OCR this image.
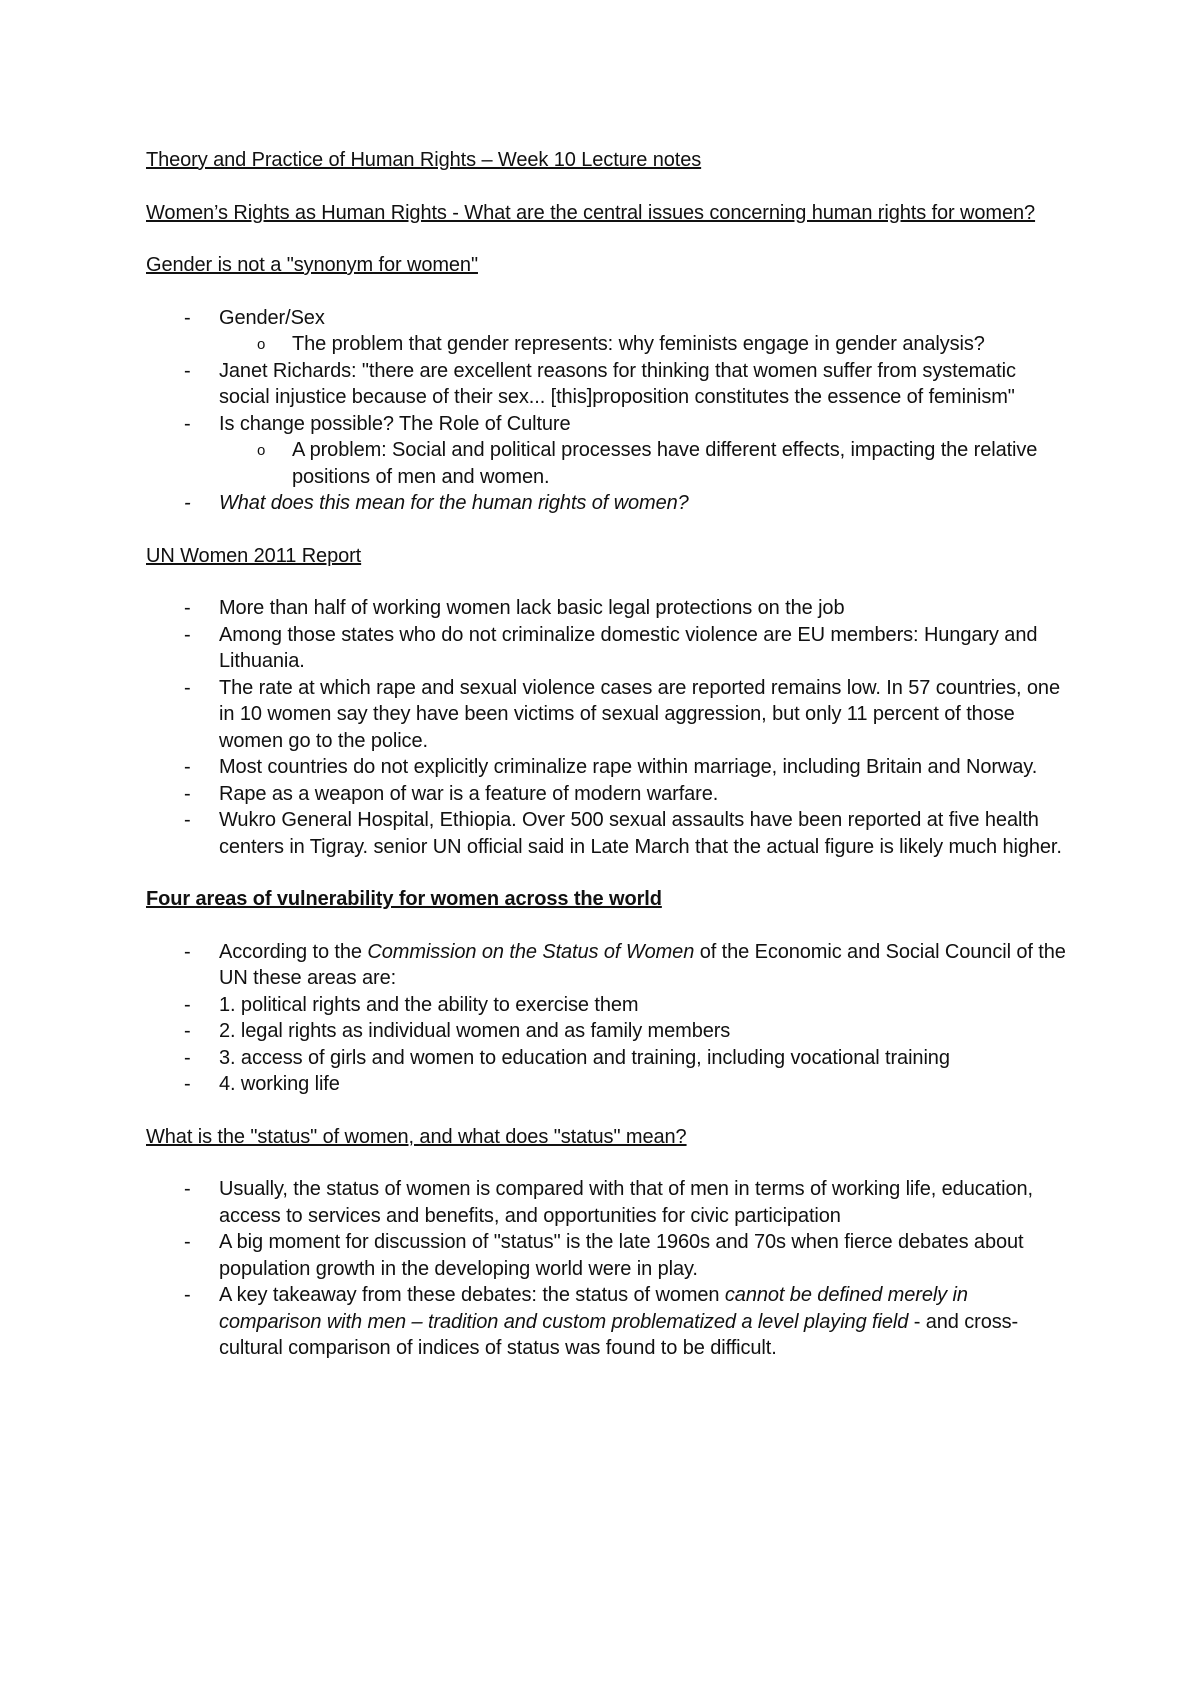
Theory and Practice of Human Rights – Week 10 Lecture notes

Women’s Rights as Human Rights - What are the central issues concerning human rights for women?

Gender is not a "synonym for women"

- Gender/Sex
o The problem that gender represents: why feminists engage in gender analysis?
- Janet Richards: "there are excellent reasons for thinking that women suffer from systematic social injustice because of their sex... [this]proposition constitutes the essence of feminism"
- Is change possible? The Role of Culture
o A problem: Social and political processes have different effects, impacting the relative positions of men and women.
- What does this mean for the human rights of women?

UN Women 2011 Report

- More than half of working women lack basic legal protections on the job
- Among those states who do not criminalize domestic violence are EU members: Hungary and Lithuania.
- The rate at which rape and sexual violence cases are reported remains low. In 57 countries, one in 10 women say they have been victims of sexual aggression, but only 11 percent of those women go to the police.
- Most countries do not explicitly criminalize rape within marriage, including Britain and Norway.
- Rape as a weapon of war is a feature of modern warfare.
- Wukro General Hospital, Ethiopia. Over 500 sexual assaults have been reported at five health centers in Tigray. senior UN official said in Late March that the actual figure is likely much higher.

Four areas of vulnerability for women across the world

- According to the Commission on the Status of Women of the Economic and Social Council of the UN these areas are:
- 1. political rights and the ability to exercise them
- 2. legal rights as individual women and as family members
- 3. access of girls and women to education and training, including vocational training
- 4. working life

What is the "status" of women, and what does "status" mean?

- Usually, the status of women is compared with that of men in terms of working life, education, access to services and benefits, and opportunities for civic participation
- A big moment for discussion of "status" is the late 1960s and 70s when fierce debates about population growth in the developing world were in play.
- A key takeaway from these debates: the status of women cannot be defined merely in comparison with men – tradition and custom problematized a level playing field - and cross-cultural comparison of indices of status was found to be difficult.
